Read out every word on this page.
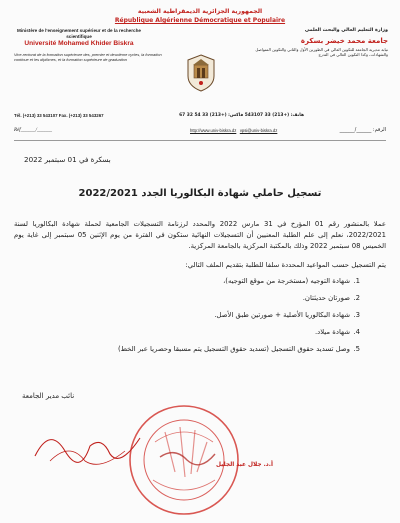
الجمهورية الجزائرية الديمقراطية الشعبية
République Algérienne Démocratique et Populaire
Ministère de l'enseignement supérieur et de la recherche scientifique
Université Mohamed Khider Biskra
Vice-rectorat de la formation supérieure des, premier et deuxième cycles, la formation continue et les diplômes, et la formation supérieure de graduation
وزارة التعليم العالي والبحث العلمي
جامعة محمد خيضر بسكرة
نيابة مديرية الجامعة للتكوين العالي في الطورين الأول والثاني والتكوين المتواصل والشهادات، وكذا التكوين العالي في التدرج
Tél. (+213) 33 543107 Fax. (+213) 33 543267	هاتف: (+213) 33 543107 فاكس: (+213) 33 54 32 67
Réf______/______	http://www.univ-biskra.dz vpsi@univ-biskra.dz	الرقم: ______/______
بسكرة في 01 سبتمبر 2022
تسجيل حاملي شهادة البكالوريا الجدد 2022/2021
عملا بالمنشور رقم 01 المؤرخ في 31 مارس 2022 والمحدد لرزنامة التسجيلات الجامعية لحملة شهادة البكالوريا لسنة 2022/2021، نعلم إلى علم الطلبة المعنيين أن التسجيلات النهائية ستكون في الفترة من يوم الإثنين 05 سبتمبر إلى غاية يوم الخميس 08 سبتمبر 2022 وذلك بالمكتبة المركزية بالجامعة المركزية.
يتم التسجيل حسب المواعيد المحددة سلفا للطلبة بتقديم الملف التالي:
1.
شهادة التوجيه (مستخرجة من موقع التوجيه)،
2.
صورتان حديثتان.
3.
شهادة البكالوريا الأصلية + صورتين طبق الأصل.
4.
شهادة ميلاد.
5.
وصل تسديد حقوق التسجيل (تسديد حقوق التسجيل يتم مسبقا وحصريا عبر الخط)
نائب مدير الجامعة
أ.د. جلال عبد الجليل
